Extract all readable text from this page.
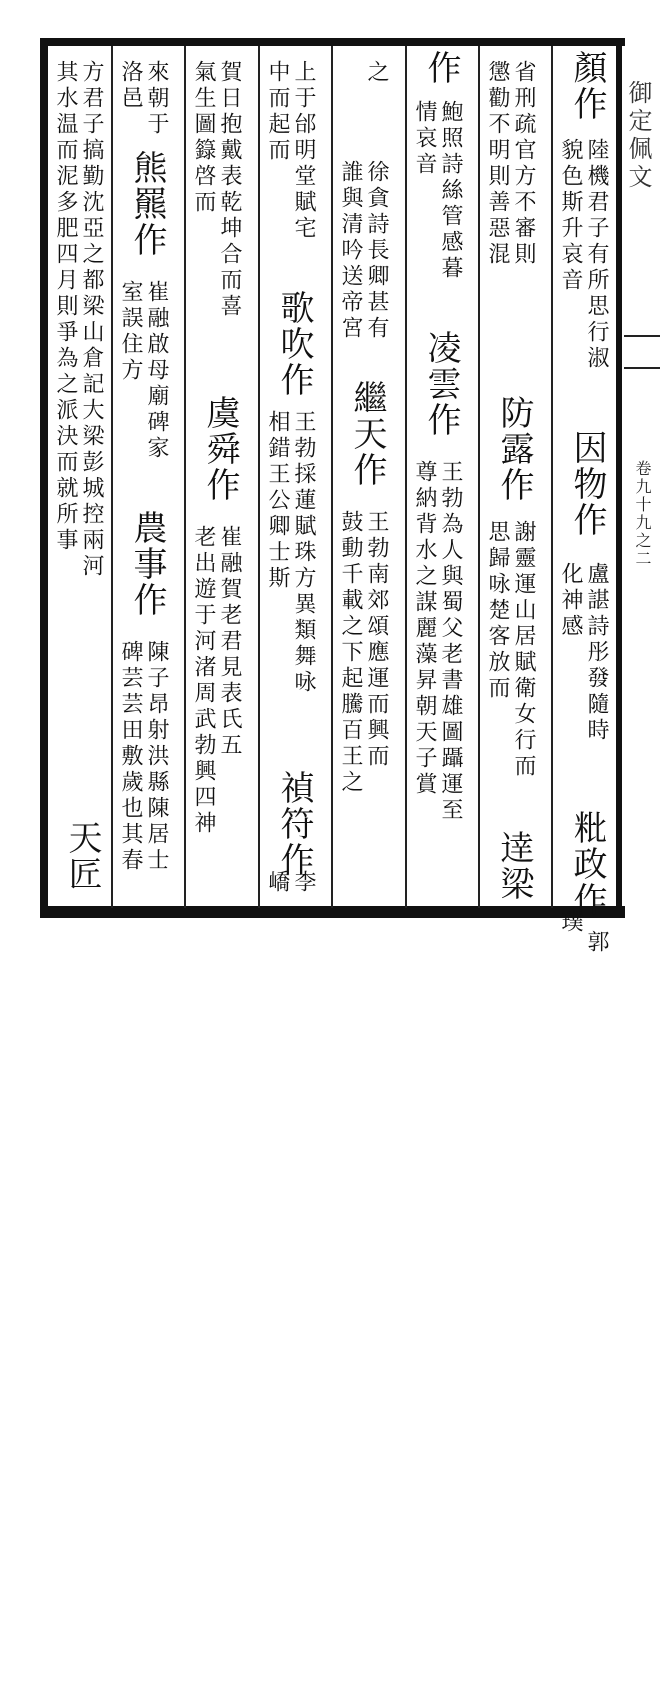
顏作
陸機君子有所思行淑
貌色斯升哀音
因物作
盧諶詩彤發隨時
化神感
粃政作
郭
璞
省刑疏官方不審則
懲勸不明則善惡混
防露作
謝靈運山居賦衛女行而
思歸咏楚客放而
逹梁
作
鮑照詩絲管感暮
情哀音
凌雲作
王勃為人與蜀父老書雄圖躡運至
尊納背水之謀麗藻昇朝天子賞
之
徐貪詩長卿甚有
誰與清吟送帝宮
繼天作
王勃南郊頌應運而興而
鼓動千載之下起騰百王之
上于邰明堂賦宅
中而起而
歌吹作
王勃採蓮賦珠方異類舞咏
相錯王公卿士斯
禎符作
李
嶠
賀日抱戴表乾坤合而喜
氣生圖籙啓而
虞舜作
崔融賀老君見表氏五
老出遊于河渚周武勃興四神
來朝于
洛邑
熊羆作
崔融啟母廟碑家
室誤住方
農事作
陳子昂射洪縣陳居士
碑芸芸田敷歲也其春
方君子搞勤沈亞之都梁山倉記大梁彭城控兩河
其水温而泥多肥四月則爭為之派決而就所事
天匠
御定佩文
卷九十九之二
